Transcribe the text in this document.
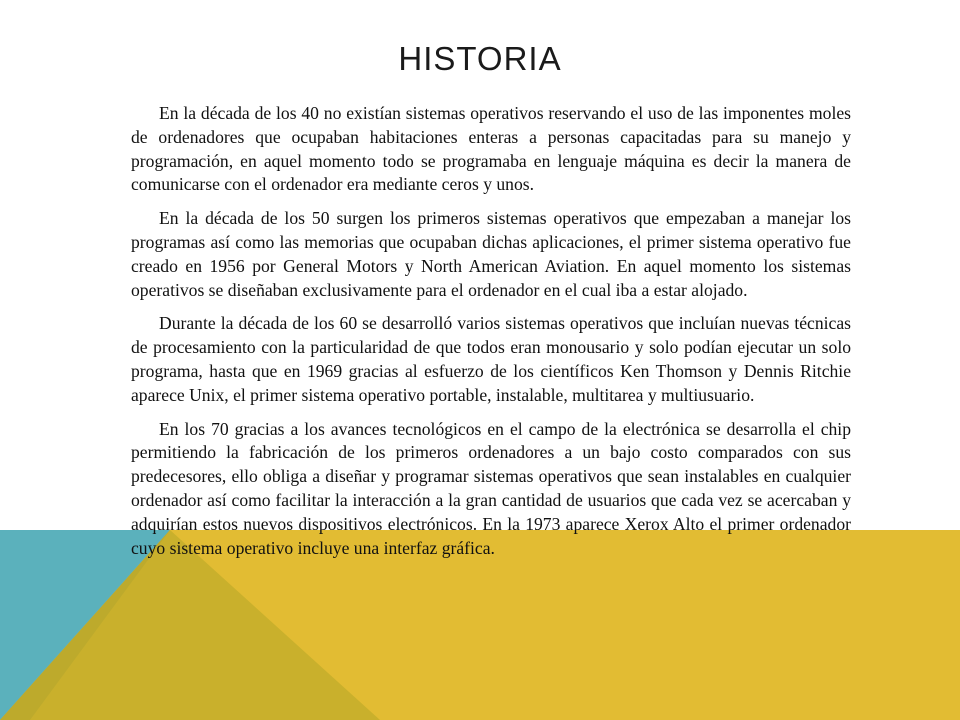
HISTORIA

En la década de los 40 no existían sistemas operativos reservando el uso de las imponentes moles de ordenadores que ocupaban habitaciones enteras a personas capacitadas para su manejo y programación, en aquel momento todo se programaba en lenguaje máquina es decir la manera de comunicarse con el ordenador era mediante ceros y unos.

En la década de los 50 surgen los primeros sistemas operativos que empezaban a manejar los programas así como las memorias que ocupaban dichas aplicaciones, el primer sistema operativo fue creado en 1956 por General Motors y North American Aviation. En aquel momento los sistemas operativos se diseñaban exclusivamente para el ordenador en el cual iba a estar alojado.

Durante la década de los 60 se desarrolló varios sistemas operativos que incluían nuevas técnicas de procesamiento con la particularidad de que todos eran monousario y solo podían ejecutar un solo programa, hasta que en 1969 gracias al esfuerzo de los científicos Ken Thomson y Dennis Ritchie aparece Unix, el primer sistema operativo portable, instalable, multitarea y multiusuario.

En los 70 gracias a los avances tecnológicos en el campo de la electrónica se desarrolla el chip permitiendo la fabricación de los primeros ordenadores a un bajo costo comparados con sus predecesores, ello obliga a diseñar y programar sistemas operativos que sean instalables en cualquier ordenador así como facilitar la interacción a la gran cantidad de usuarios que cada vez se acercaban y adquirían estos nuevos dispositivos electrónicos. En la 1973 aparece Xerox Alto el primer ordenador cuyo sistema operativo incluye una interfaz gráfica.
